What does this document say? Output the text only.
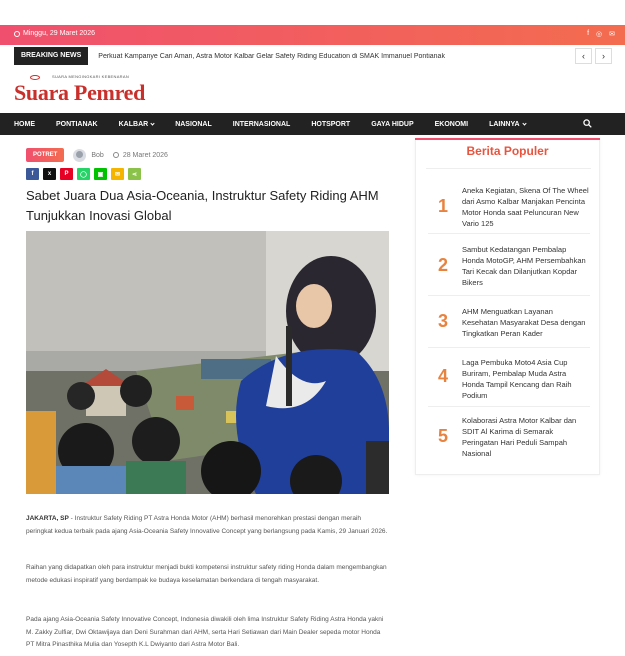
Minggu, 29 Maret 2026	f ◎ ✉
BREAKING NEWS	Perkuat Kampanye Cari Aman, Astra Motor Kalbar Gelar Safety Riding Education di SMAK Immanuel Pontianak	‹	›
SUARA MENGINGKARI KEBENARAN
Suara Pemred
HOME	PONTIANAK	KALBAR	NASIONAL	INTERNASIONAL	HOTSPORT	GAYA HIDUP	EKONOMI	LAINNYA
POTRET	Bob	28 Maret 2026
f	x	P	◯	▣	✉	⋖
Sabet Juara Dua Asia-Oceania, Instruktur Safety Riding AHM Tunjukkan Inovasi Global

JAKARTA, SP - Instruktur Safety Riding PT Astra Honda Motor (AHM) berhasil menorehkan prestasi dengan meraih peringkat kedua terbaik pada ajang Asia-Oceania Safety Innovative Concept yang berlangsung pada Kamis, 29 Januari 2026.

Raihan yang didapatkan oleh para instruktur menjadi bukti kompetensi instruktur safety riding Honda dalam mengembangkan metode edukasi inspiratif yang berdampak ke budaya keselamatan berkendara di tengah masyarakat.

Pada ajang Asia-Oceania Safety Innovative Concept, Indonesia diwakili oleh lima Instruktur Safety Riding Astra Honda yakni M. Zakky Zulfiar, Dwi Oktawijaya dan Deni Surahman dari AHM, serta Hari Setiawan dari Main Dealer sepeda motor Honda PT Mitra Pinasthika Mulia dan Yosepth K.L Dwiyanto dari Astra Motor Bali.

Berita Populer
1
Aneka Kegiatan, Skena Of The Wheel dari Asmo Kalbar Manjakan Pencinta Motor Honda saat Peluncuran New Vario 125
2
Sambut Kedatangan Pembalap Honda MotoGP, AHM Persembahkan Tari Kecak dan Dilanjutkan Kopdar Bikers
3 AHM Menguatkan Layanan Kesehatan Masyarakat Desa dengan Tingkatkan Peran Kader
4
Laga Pembuka Moto4 Asia Cup Buriram, Pembalap Muda Astra Honda Tampil Kencang dan Raih Podium
5
Kolaborasi Astra Motor Kalbar dan SDIT Al Karima di Semarak Peringatan Hari Peduli Sampah Nasional
